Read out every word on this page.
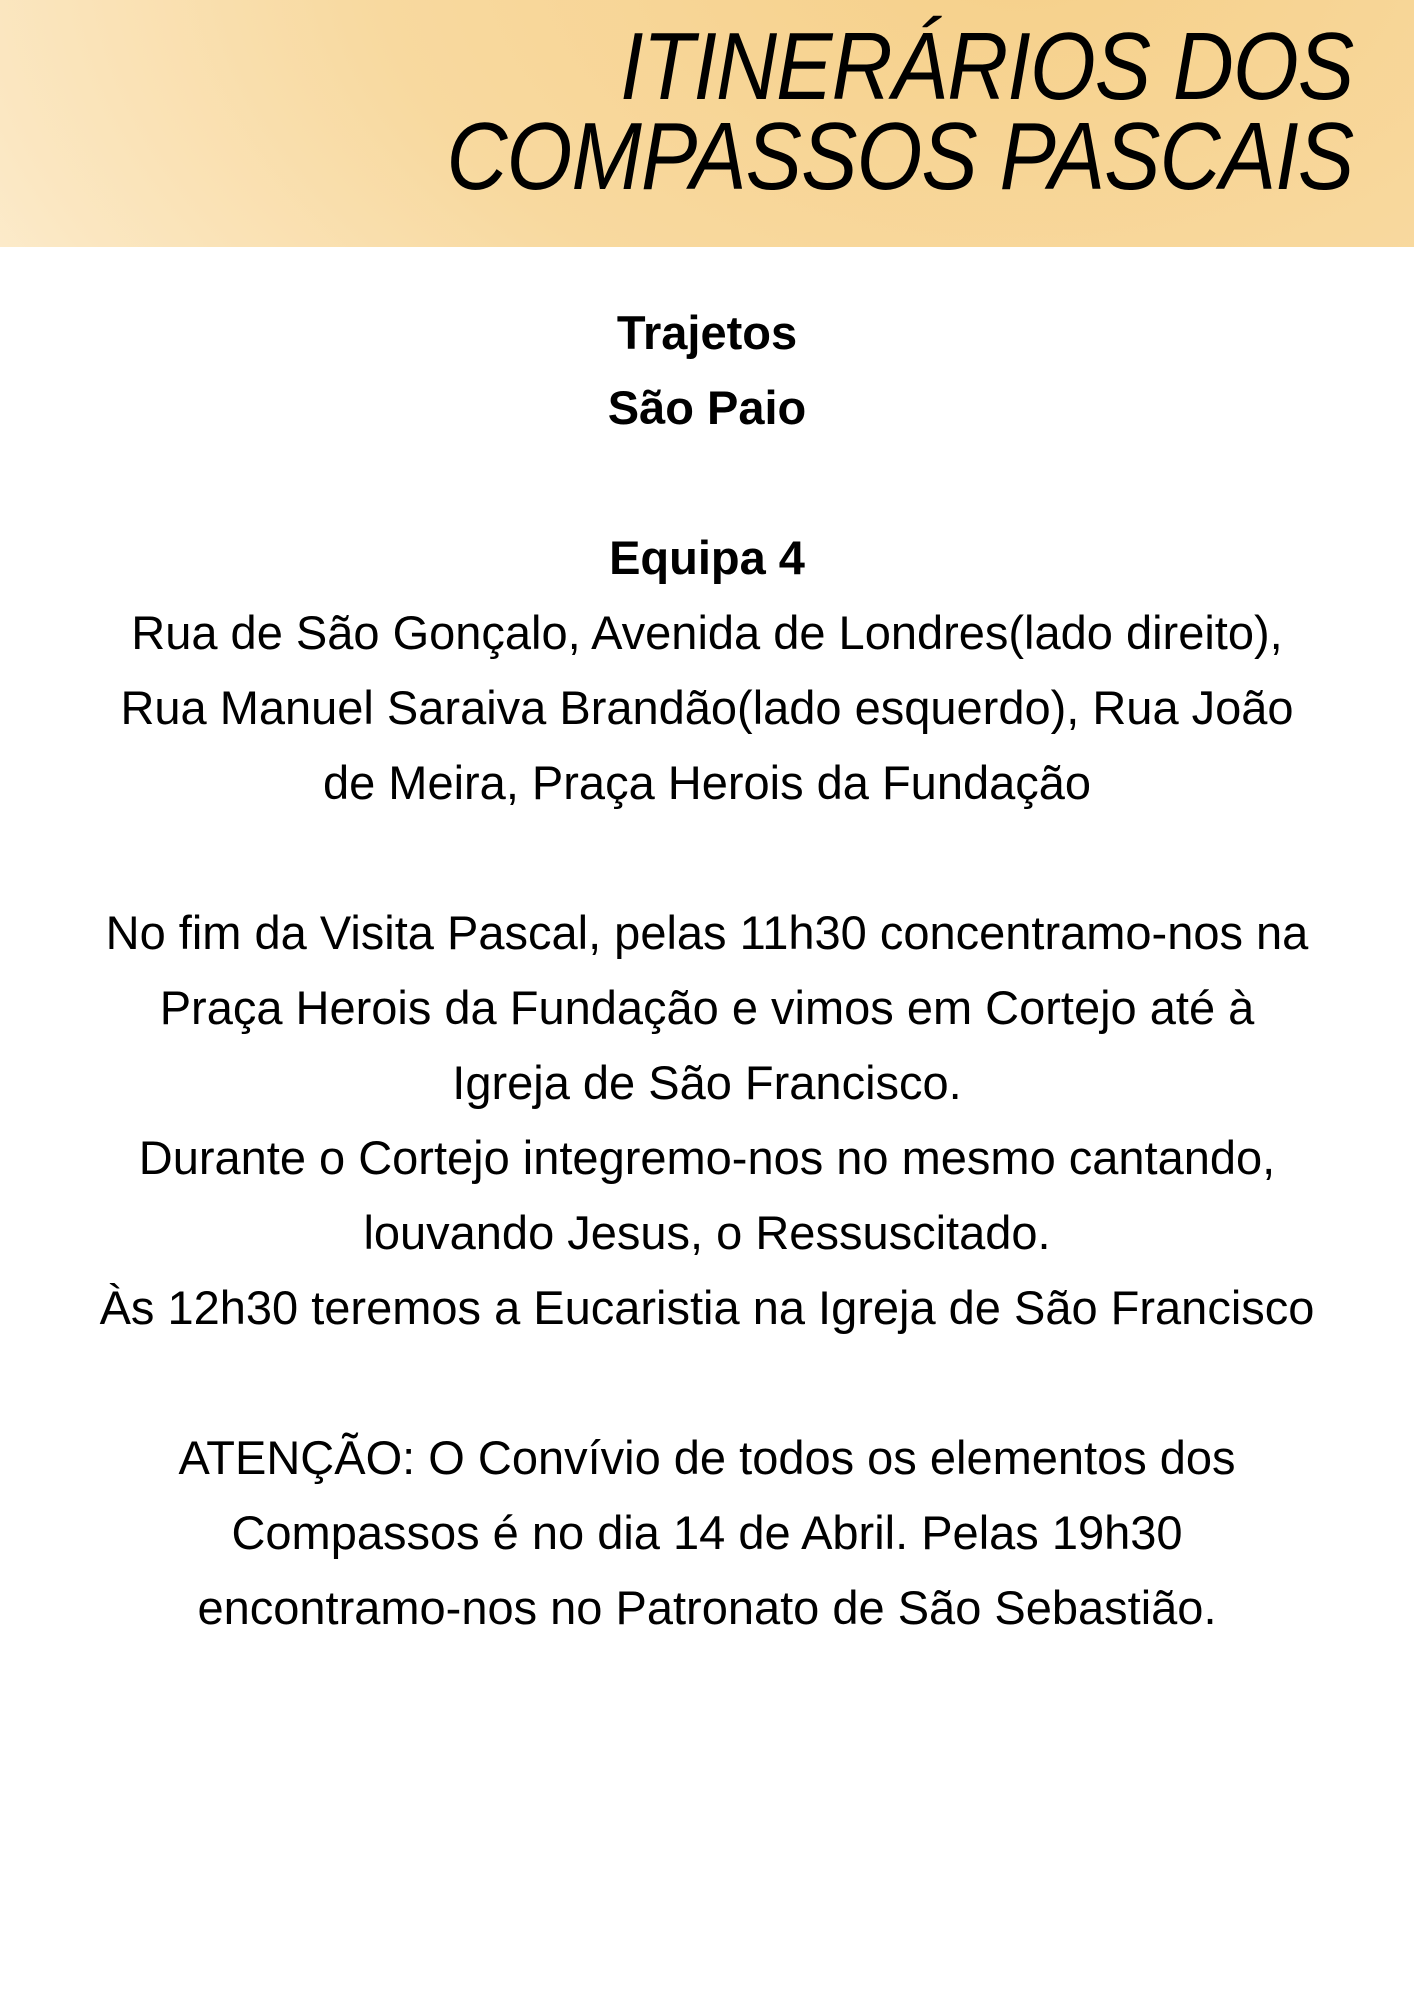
ITINERÁRIOS DOS
COMPASSOS PASCAIS
Trajetos
São Paio
Equipa 4
Rua de São Gonçalo, Avenida de Londres(lado direito),
Rua Manuel Saraiva Brandão(lado esquerdo), Rua João
de Meira, Praça Herois da Fundação
No fim da Visita Pascal, pelas 11h30 concentramo-nos na
Praça Herois da Fundação e vimos em Cortejo até à
Igreja de São Francisco.
Durante o Cortejo integremo-nos no mesmo cantando,
louvando Jesus, o Ressuscitado.
Às 12h30 teremos a Eucaristia na Igreja de São Francisco
ATENÇÃO: O Convívio de todos os elementos dos
Compassos é no dia 14 de Abril. Pelas 19h30
encontramo-nos no Patronato de São Sebastião.
